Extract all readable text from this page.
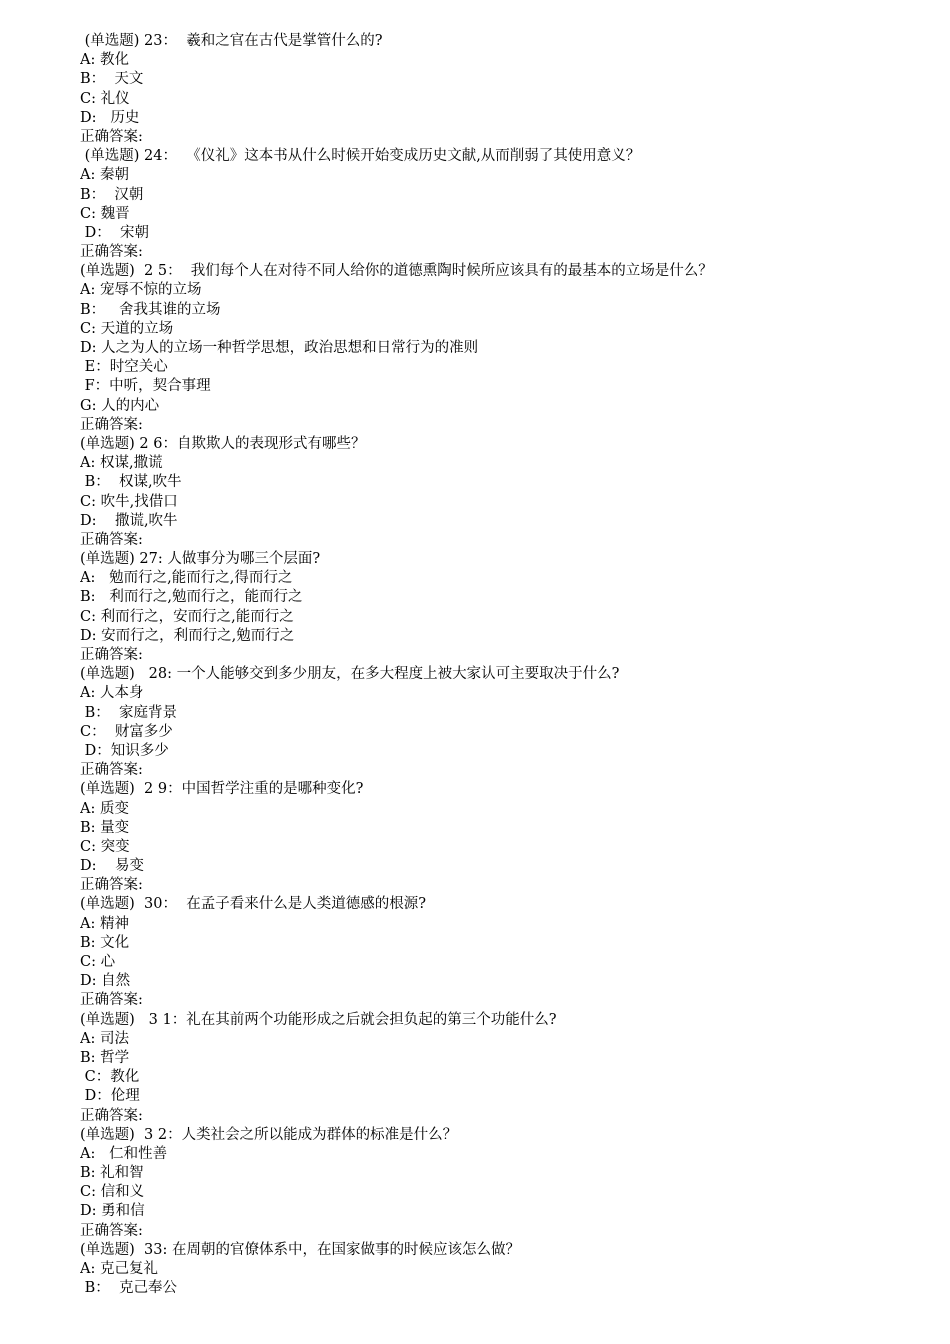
(单选题) 23：  羲和之官在古代是掌管什么的?
A: 教化
B：  天文
C: 礼仪
D:   历史
正确答案:
(单选题) 24：  《仪礼》这本书从什么时候开始变成历史文献,从而削弱了其使用意义？
A: 秦朝
B：  汉朝
C: 魏晋
D：  宋朝
正确答案:
(单选题)  2 5：  我们每个人在对待不同人给你的道德熏陶时候所应该具有的最基本的立场是什么？
A: 宠辱不惊的立场
B：   舍我其谁的立场
C: 天道的立场
D: 人之为人的立场一种哲学思想，政治思想和日常行为的准则
E：时空关心
F：中听，契合事理
G: 人的内心
正确答案:
(单选题) 2 6：自欺欺人的表现形式有哪些？
A: 权谋,撒谎
B：  权谋,吹牛
C: 吹牛,找借口
D:    撒谎,吹牛
正确答案:
(单选题) 27: 人做事分为哪三个层面?
A:   勉而行之,能而行之,得而行之
B:   利而行之,勉而行之，能而行之
C: 利而行之，安而行之,能而行之
D: 安而行之，利而行之,勉而行之
正确答案:
(单选题)   28: 一个人能够交到多少朋友，在多大程度上被大家认可主要取决于什么?
A: 人本身
B：  家庭背景
C：  财富多少
D：知识多少
正确答案:
(单选题)  2 9：中国哲学注重的是哪种变化?
A: 质变
B: 量变
C: 突变
D:    易变
正确答案:
(单选题)  30：  在孟子看来什么是人类道德感的根源?
A: 精神
B: 文化
C: 心
D: 自然
正确答案:
(单选题)   3 1：礼在其前两个功能形成之后就会担负起的第三个功能什么?
A: 司法
B: 哲学
C：教化
D：伦理
正确答案:
(单选题)  3 2：人类社会之所以能成为群体的标准是什么？
A:   仁和性善
B: 礼和智
C: 信和义
D: 勇和信
正确答案:
(单选题)  33: 在周朝的官僚体系中，在国家做事的时候应该怎么做？
A: 克己复礼
B：  克己奉公
